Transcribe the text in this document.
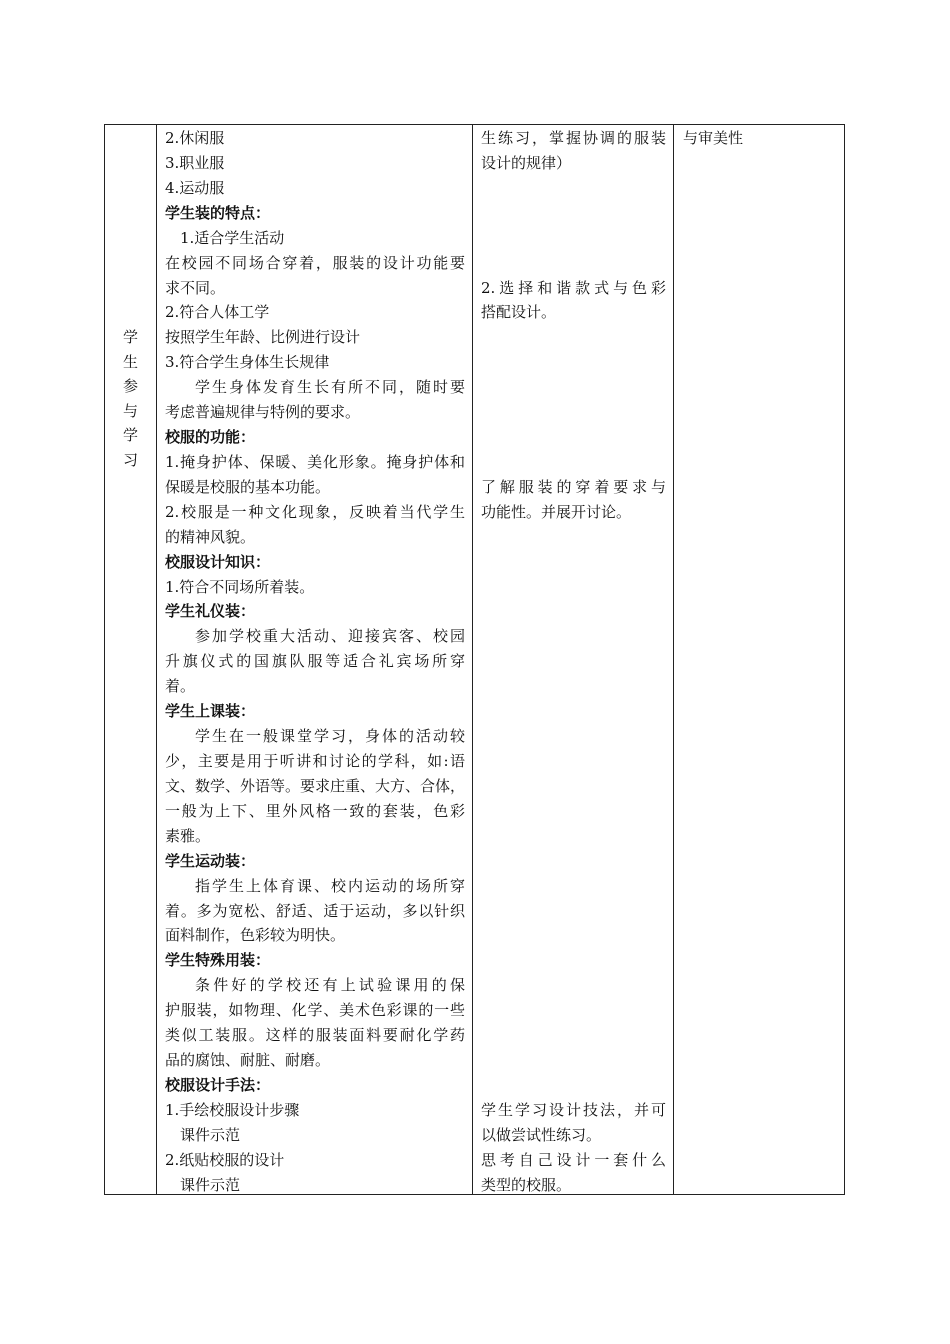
学
生
参
与
学
习
2.休闲服
3.职业服
4.运动服
学生装的特点：
1.适合学生活动
在校园不同场合穿着，服装的设计功能要
求不同。
2.符合人体工学
按照学生年龄、比例进行设计
3.符合学生身体生长规律
学生身体发育生长有所不同，随时要
考虑普遍规律与特例的要求。
校服的功能：
1.掩身护体、保暖、美化形象。掩身护体和
保暖是校服的基本功能。
2.校服是一种文化现象，反映着当代学生
的精神风貌。
校服设计知识：
1.符合不同场所着装。
学生礼仪装：
参加学校重大活动、迎接宾客、校园
升旗仪式的国旗队服等适合礼宾场所穿
着。
学生上课装：
学生在一般课堂学习，身体的活动较
少，主要是用于听讲和讨论的学科，如:语
文、数学、外语等。要求庄重、大方、合体，
一般为上下、里外风格一致的套装，色彩
素雅。
学生运动装：
指学生上体育课、校内运动的场所穿
着。多为宽松、舒适、适于运动，多以针织
面料制作，色彩较为明快。
学生特殊用装：
条件好的学校还有上试验课用的保
护服装，如物理、化学、美术色彩课的一些
类似工装服。这样的服装面料要耐化学药
品的腐蚀、耐脏、耐磨。
校服设计手法：
1.手绘校服设计步骤
课件示范
2.纸贴校服的设计
课件示范
生练习，掌握协调的服装
设计的规律）
2.选择和谐款式与色彩
搭配设计。
了解服装的穿着要求与
功能性。并展开讨论。
学生学习设计技法，并可
以做尝试性练习。
思考自己设计一套什么
类型的校服。
与审美性
